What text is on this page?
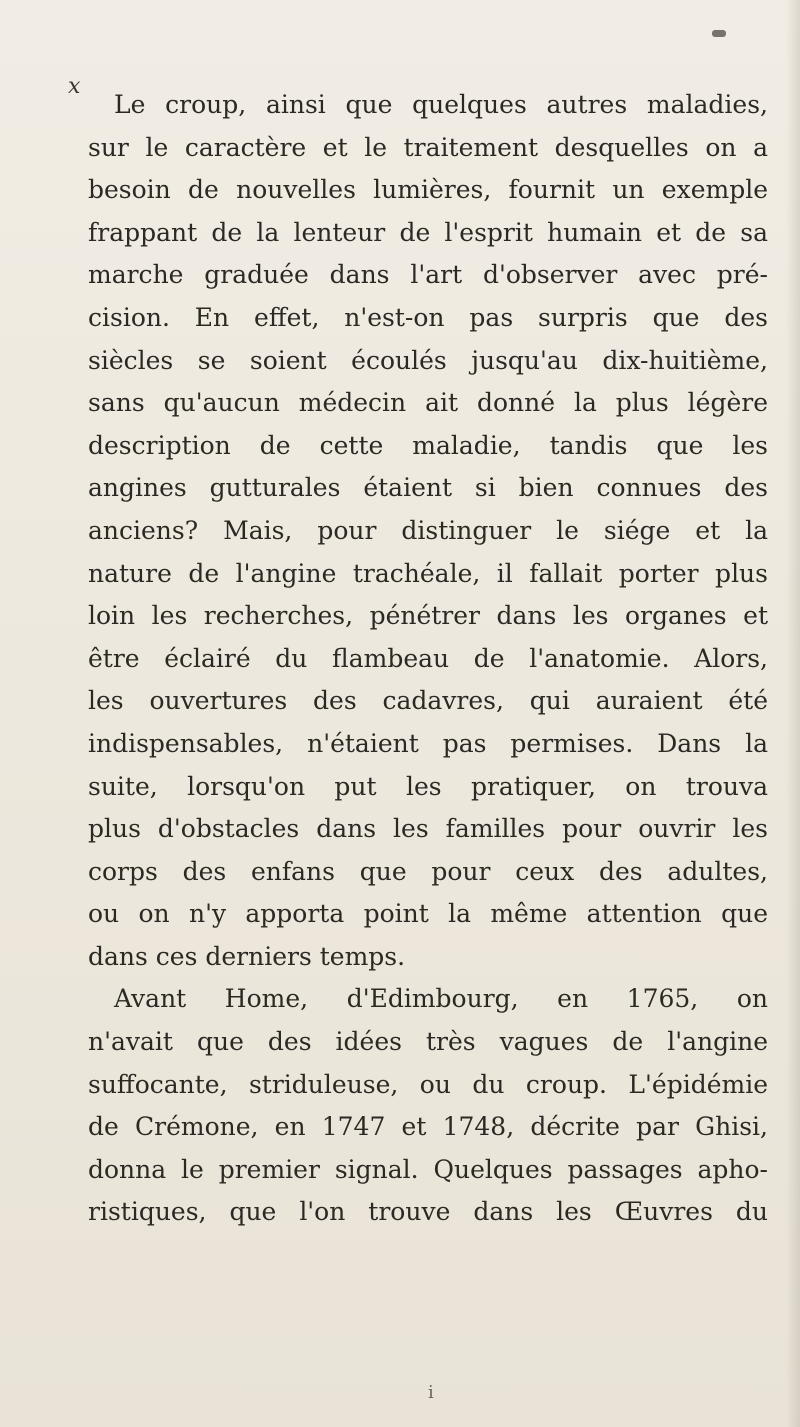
x

Le croup, ainsi que quelques autres maladies,
sur le caractère et le traitement desquelles on a
besoin de nouvelles lumières, fournit un exemple
frappant de la lenteur de l'esprit humain et de sa
marche graduée dans l'art d'observer avec pré-
cision. En effet, n'est-on pas surpris que des
siècles se soient écoulés jusqu'au dix-huitième,
sans qu'aucun médecin ait donné la plus légère
description de cette maladie, tandis que les
angines gutturales étaient si bien connues des
anciens? Mais, pour distinguer le siége et la
nature de l'angine trachéale, il fallait porter plus
loin les recherches, pénétrer dans les organes et
être éclairé du flambeau de l'anatomie. Alors,
les ouvertures des cadavres, qui auraient été
indispensables, n'étaient pas permises. Dans la
suite, lorsqu'on put les pratiquer, on trouva
plus d'obstacles dans les familles pour ouvrir les
corps des enfans que pour ceux des adultes,
ou on n'y apporta point la même attention que
dans ces derniers temps.

Avant Home, d'Edimbourg, en 1765, on
n'avait que des idées très vagues de l'angine
suffocante, striduleuse, ou du croup. L'épidémie
de Crémone, en 1747 et 1748, décrite par Ghisi,
donna le premier signal. Quelques passages apho-
ristiques, que l'on trouve dans les Œuvres du

i
